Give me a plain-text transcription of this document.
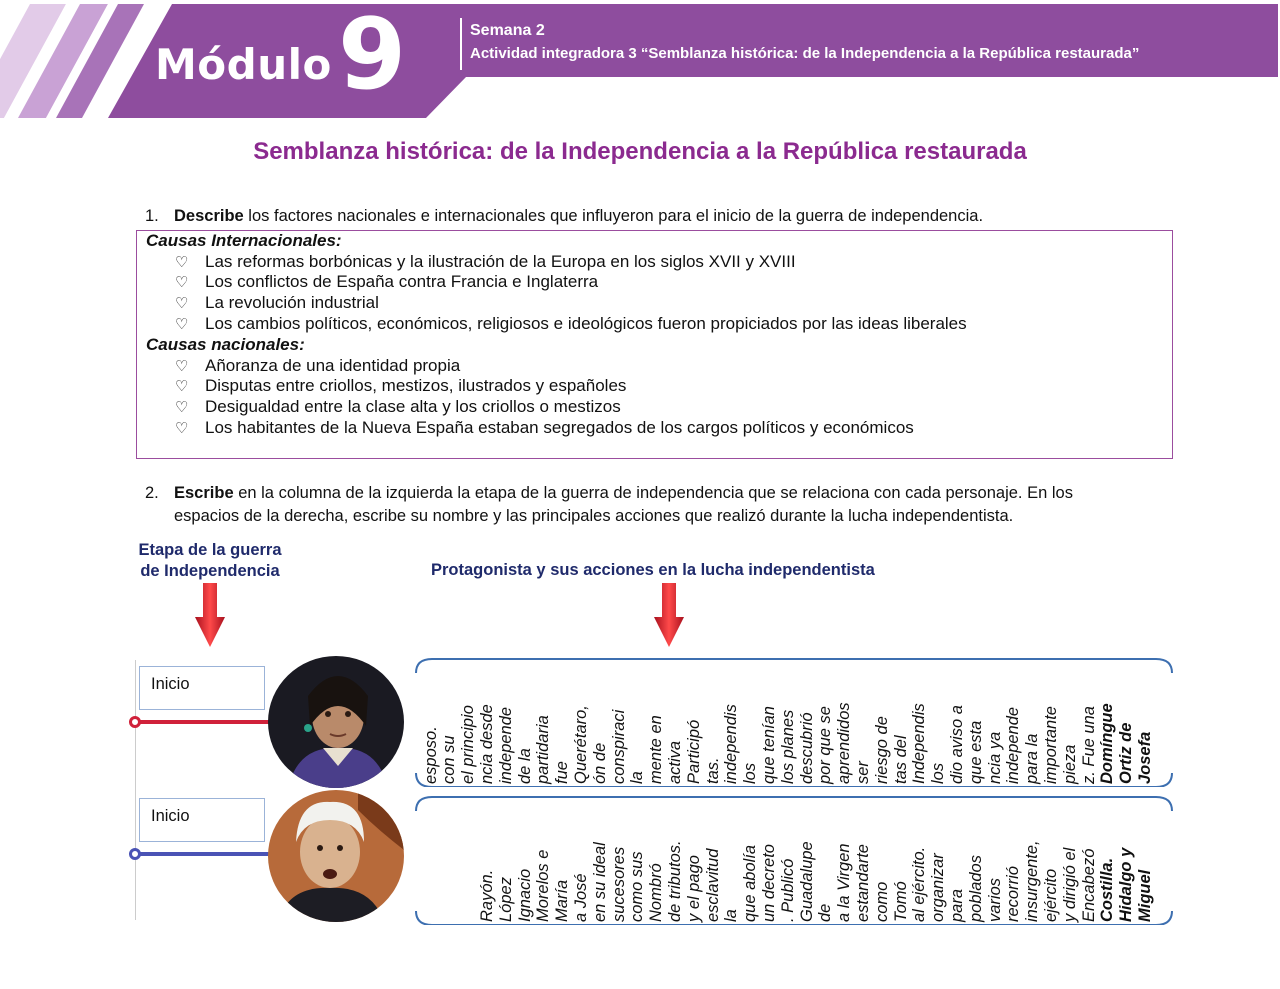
Módulo 9	Semana 2
Actividad integradora 3 “Semblanza histórica: de la Independencia a la República restaurada”
Semblanza histórica: de la Independencia a la República restaurada
1. Describe los factores nacionales e internacionales que influyeron para el inicio de la guerra de independencia.
Causas Internacionales:
♡ Las reformas borbónicas y la ilustración de la Europa en los siglos XVII y XVIII
♡ Los conflictos de España contra Francia e Inglaterra
♡ La revolución industrial
♡ Los cambios políticos, económicos, religiosos e ideológicos fueron propiciados por las ideas liberales
Causas nacionales:
♡ Añoranza de una identidad propia
♡ Disputas entre criollos, mestizos, ilustrados y españoles
♡ Desigualdad entre la clase alta y los criollos o mestizos
♡ Los habitantes de la Nueva España estaban segregados de los cargos políticos y económicos
2. Escribe en la columna de la izquierda la etapa de la guerra de independencia que se relaciona con cada personaje. En los
espacios de la derecha, escribe su nombre y las principales acciones que realizó durante la lucha independentista.
Etapa de la guerra
de Independencia	Protagonista y sus acciones en la lucha independentista
Inicio
Josefa
Ortiz de
Domíngue
z. Fue una
pieza
importante
para la
independe
ncia ya
que esta
dio aviso a
los
Independis
tas del
riesgo de
ser
aprendidos
por que se
descubrió
los planes
que tenían
los
independis
tas.
Participó
activa
mente en
la
conspiraci
ón de
Querétaro,
fue
partidaria
de la
independe
ncia desde
el principio
con su
esposo.
Inicio
Miguel
Hidalgo y
Costilla.
Encabezó
y dirigió el
ejército
insurgente,
recorrió
varios
poblados
para
organizar
al ejército.
Tomó
como
estandarte
a la Virgen
de
Guadalupe
. Publicó
un decreto
que abolía
la
esclavitud
y el pago
de tributos.
Nombró
como sus
sucesores
en su ideal
a José
María
Morelos e
Ignacio
López
Rayón.
